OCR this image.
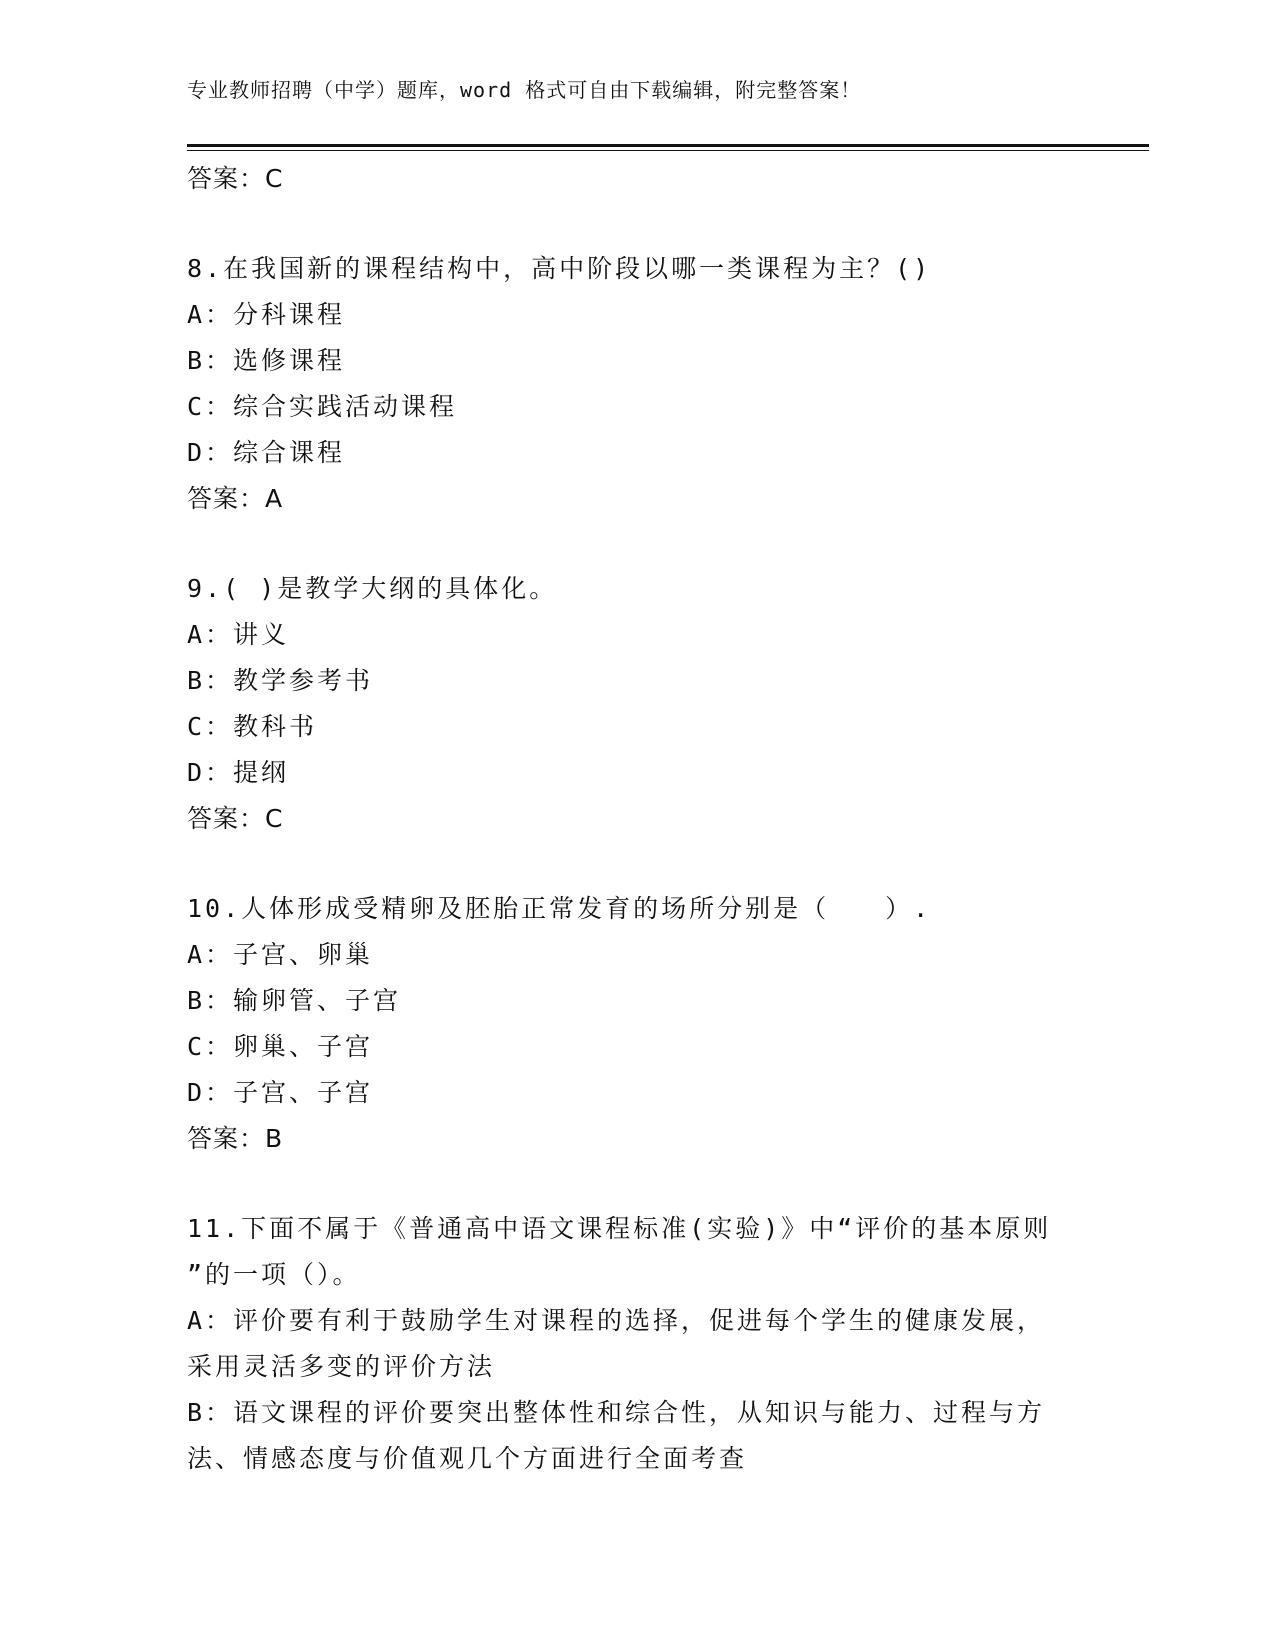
专业教师招聘（中学）题库，word 格式可自由下载编辑，附完整答案！
答案：C
8.在我国新的课程结构中，高中阶段以哪一类课程为主？()
A：分科课程
B：选修课程
C：综合实践活动课程
D：综合课程
答案：A
9.( )是教学大纲的具体化。
A：讲义
B：教学参考书
C：教科书
D：提纲
答案：C
10.人体形成受精卵及胚胎正常发育的场所分别是（　　）.
A：子宫、卵巢
B：输卵管、子宫
C：卵巢、子宫
D：子宫、子宫
答案：B
11.下面不属于《普通高中语文课程标准(实验)》中“评价的基本原则
”的一项（）。
A：评价要有利于鼓励学生对课程的选择，促进每个学生的健康发展，
采用灵活多变的评价方法
B：语文课程的评价要突出整体性和综合性，从知识与能力、过程与方
法、情感态度与价值观几个方面进行全面考查
